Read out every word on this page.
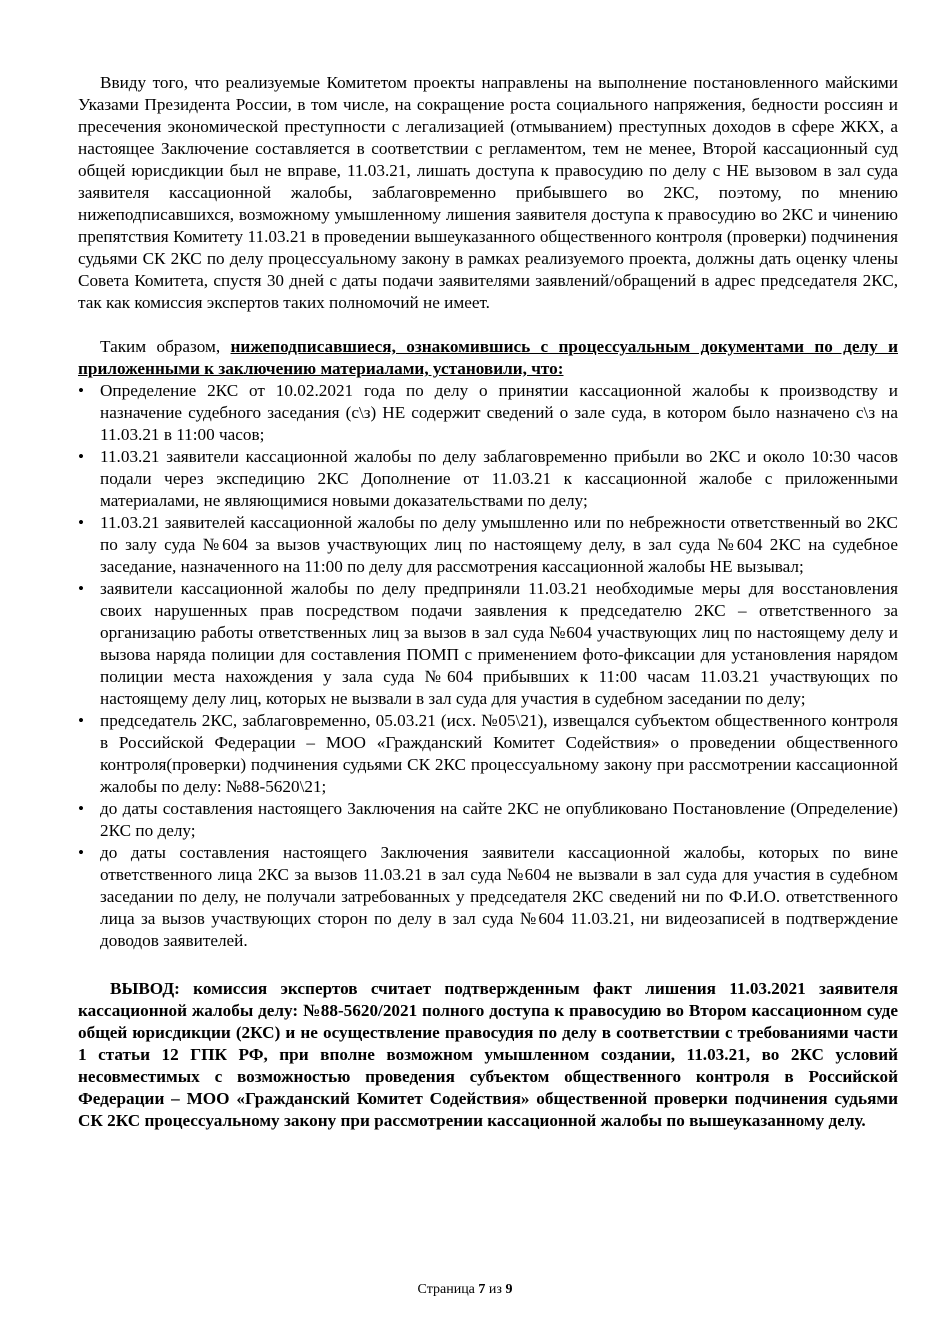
Ввиду того, что реализуемые Комитетом проекты направлены на выполнение постановленного майскими Указами Президента России, в том числе, на сокращение роста социального напряжения, бедности россиян и пресечения экономической преступности с легализацией (отмыванием) преступных доходов в сфере ЖКХ, а настоящее Заключение составляется в соответствии с регламентом, тем не менее, Второй кассационный суд общей юрисдикции был не вправе, 11.03.21, лишать доступа к правосудию по делу с НЕ вызовом в зал суда заявителя кассационной жалобы, заблаговременно прибывшего во 2КС, поэтому, по мнению нижеподписавшихся, возможному умышленному лишения заявителя доступа к правосудию во 2КС и чинению препятствия Комитету 11.03.21 в проведении вышеуказанного общественного контроля (проверки) подчинения судьями СК 2КС по делу процессуальному закону в рамках реализуемого проекта, должны дать оценку члены Совета Комитета, спустя 30 дней с даты подачи заявителями заявлений/обращений в адрес председателя 2КС, так как комиссия экспертов таких полномочий не имеет.

Таким образом, нижеподписавшиеся, ознакомившись с процессуальным документами по делу и приложенными к заключению материалами, установили, что:

• Определение 2КС от 10.02.2021 года по делу о принятии кассационной жалобы к производству и назначение судебного заседания (с\з) НЕ содержит сведений о зале суда, в котором было назначено с\з на 11.03.21 в 11:00 часов;
• 11.03.21 заявители кассационной жалобы по делу заблаговременно прибыли во 2КС и около 10:30 часов подали через экспедицию 2КС Дополнение от 11.03.21 к кассационной жалобе с приложенными материалами, не являющимися новыми доказательствами по делу;
• 11.03.21 заявителей кассационной жалобы по делу умышленно или по небрежности ответственный во 2КС по залу суда №604 за вызов участвующих лиц по настоящему делу, в зал суда №604 2КС на судебное заседание, назначенного на 11:00 по делу для рассмотрения кассационной жалобы НЕ вызывал;
• заявители кассационной жалобы по делу предприняли 11.03.21 необходимые меры для восстановления своих нарушенных прав посредством подачи заявления к председателю 2КС – ответственного за организацию работы ответственных лиц за вызов в зал суда №604 участвующих лиц по настоящему делу и вызова наряда полиции для составления ПОМП с применением фото-фиксации для установления нарядом полиции места нахождения у зала суда №604 прибывших к 11:00 часам 11.03.21 участвующих по настоящему делу лиц, которых не вызвали в зал суда для участия в судебном заседании по делу;
• председатель 2КС, заблаговременно, 05.03.21 (исх. №05\21), извещался субъектом общественного контроля в Российской Федерации – МОО «Гражданский Комитет Содействия» о проведении общественного контроля(проверки) подчинения судьями СК 2КС процессуальному закону при рассмотрении кассационной жалобы по делу: №88-5620\21;
• до даты составления настоящего Заключения на сайте 2КС не опубликовано Постановление (Определение) 2КС по делу;
• до даты составления настоящего Заключения заявители кассационной жалобы, которых по вине ответственного лица 2КС за вызов 11.03.21 в зал суда №604 не вызвали в зал суда для участия в судебном заседании по делу, не получали затребованных у председателя 2КС сведений ни по Ф.И.О. ответственного лица за вызов участвующих сторон по делу в зал суда №604 11.03.21, ни видеозаписей в подтверждение доводов заявителей.

ВЫВОД: комиссия экспертов считает подтвержденным факт лишения 11.03.2021 заявителя кассационной жалобы делу: №88-5620/2021 полного доступа к правосудию во Втором кассационном суде общей юрисдикции (2КС) и не осуществление правосудия по делу в соответствии с требованиями части 1 статьи 12 ГПК РФ, при вполне возможном умышленном создании, 11.03.21, во 2КС условий несовместимых с возможностью проведения субъектом общественного контроля в Российской Федерации – МОО «Гражданский Комитет Содействия» общественной проверки подчинения судьями СК 2КС процессуальному закону при рассмотрении кассационной жалобы по вышеуказанному делу.

Страница 7 из 9
